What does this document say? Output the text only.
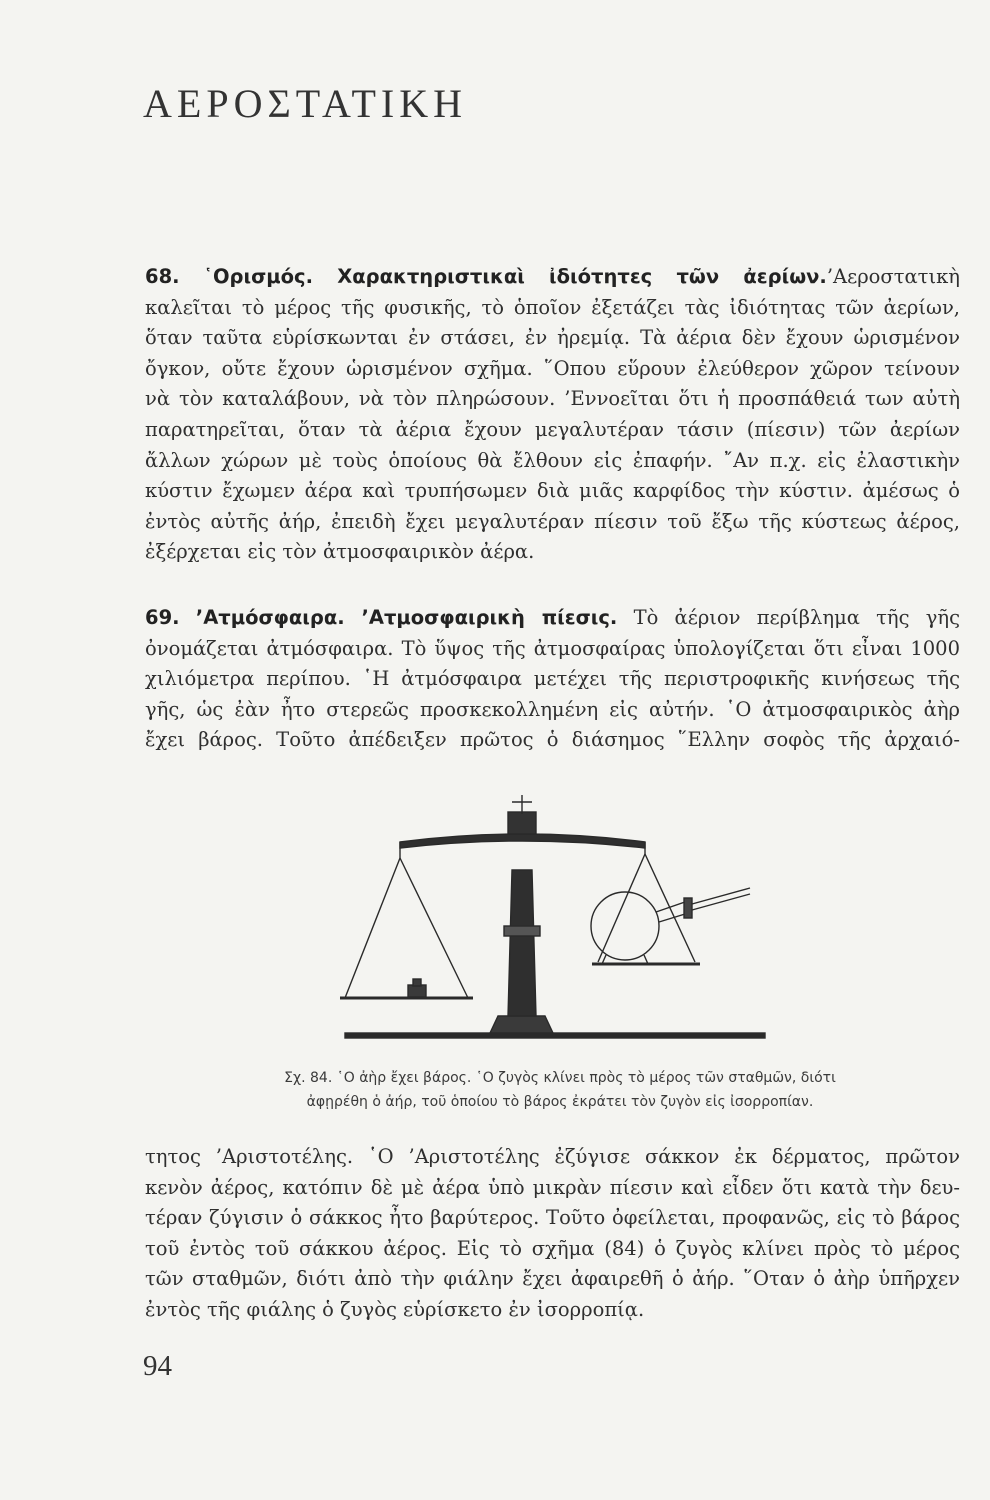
ΑΕΡΟΣΤΑΤΙΚΗ
68. ῾Ορισμός. Χαρακτηριστικαὶ ἰδιότητες τῶν ἀερίων.’Αεροστατικὴ
καλεῖται τὸ μέρος τῆς φυσικῆς, τὸ ὁποῖον ἐξετάζει τὰς ἰδιότητας τῶν ἀερίων,
ὅταν ταῦτα εὑρίσκωνται ἐν στάσει, ἐν ἠρεμίᾳ. Τὰ ἀέρια δὲν ἔχουν ὡρισμένον
ὄγκον, οὔτε ἔχουν ὡρισμένον σχῆμα. ῞Οπου εὕρουν ἐλεύθερον χῶρον τείνουν
νὰ τὸν καταλάβουν, νὰ τὸν πληρώσουν. ’Εννοεῖται ὅτι ἡ προσπάθειά των αὐτὴ
παρατηρεῖται, ὅταν τὰ ἀέρια ἔχουν μεγαλυτέραν τάσιν (πίεσιν) τῶν ἀερίων
ἄλλων χώρων μὲ τοὺς ὁποίους θὰ ἔλθουν εἰς ἐπαφήν. ῎Αν π.χ. εἰς ἐλαστικὴν
κύστιν ἔχωμεν ἀέρα καὶ τρυπήσωμεν διὰ μιᾶς καρφίδος τὴν κύστιν. ἀμέσως ὁ
ἐντὸς αὐτῆς ἀήρ, ἐπειδὴ ἔχει μεγαλυτέραν πίεσιν τοῦ ἔξω τῆς κύστεως ἀέρος,
ἐξέρχεται εἰς τὸν ἀτμοσφαιρικὸν ἀέρα.
69. ’Ατμόσφαιρα. ’Ατμοσφαιρικὴ πίεσις. Τὸ ἀέριον περίβλημα τῆς γῆς
ὀνομάζεται ἀτμόσφαιρα. Τὸ ὕψος τῆς ἀτμοσφαίρας ὑπολογίζεται ὅτι εἶναι 1000
χιλιόμετρα περίπου. ῾Η ἀτμόσφαιρα μετέχει τῆς περιστροφικῆς κινήσεως τῆς
γῆς, ὡς ἐὰν ἦτο στερεῶς προσκεκολλημένη εἰς αὐτήν. ῾Ο ἀτμοσφαιρικὸς ἀὴρ
ἔχει βάρος. Τοῦτο ἀπέδειξεν πρῶτος ὁ διάσημος ῞Ελλην σοφὸς τῆς ἀρχαιό-

Σχ. 84. ῾Ο ἀὴρ ἔχει βάρος. ῾Ο ζυγὸς κλίνει πρὸς τὸ μέρος τῶν σταθμῶν, διότι
ἀφῃρέθη ὁ ἀήρ, τοῦ ὁποίου τὸ βάρος ἐκράτει τὸν ζυγὸν εἰς ἰσορροπίαν.

τητος ’Αριστοτέλης. ῾Ο ’Αριστοτέλης ἐζύγισε σάκκον ἐκ δέρματος, πρῶτον
κενὸν ἀέρος, κατόπιν δὲ μὲ ἀέρα ὑπὸ μικρὰν πίεσιν καὶ εἶδεν ὅτι κατὰ τὴν δευ-
τέραν ζύγισιν ὁ σάκκος ἦτο βαρύτερος. Τοῦτο ὀφείλεται, προφανῶς, εἰς τὸ βάρος
τοῦ ἐντὸς τοῦ σάκκου ἀέρος. Εἰς τὸ σχῆμα (84) ὁ ζυγὸς κλίνει πρὸς τὸ μέρος
τῶν σταθμῶν, διότι ἀπὸ τὴν φιάλην ἔχει ἀφαιρεθῆ ὁ ἀήρ. ῞Οταν ὁ ἀὴρ ὑπῆρχεν
ἐντὸς τῆς φιάλης ὁ ζυγὸς εὑρίσκετο ἐν ἰσορροπίᾳ.
94
